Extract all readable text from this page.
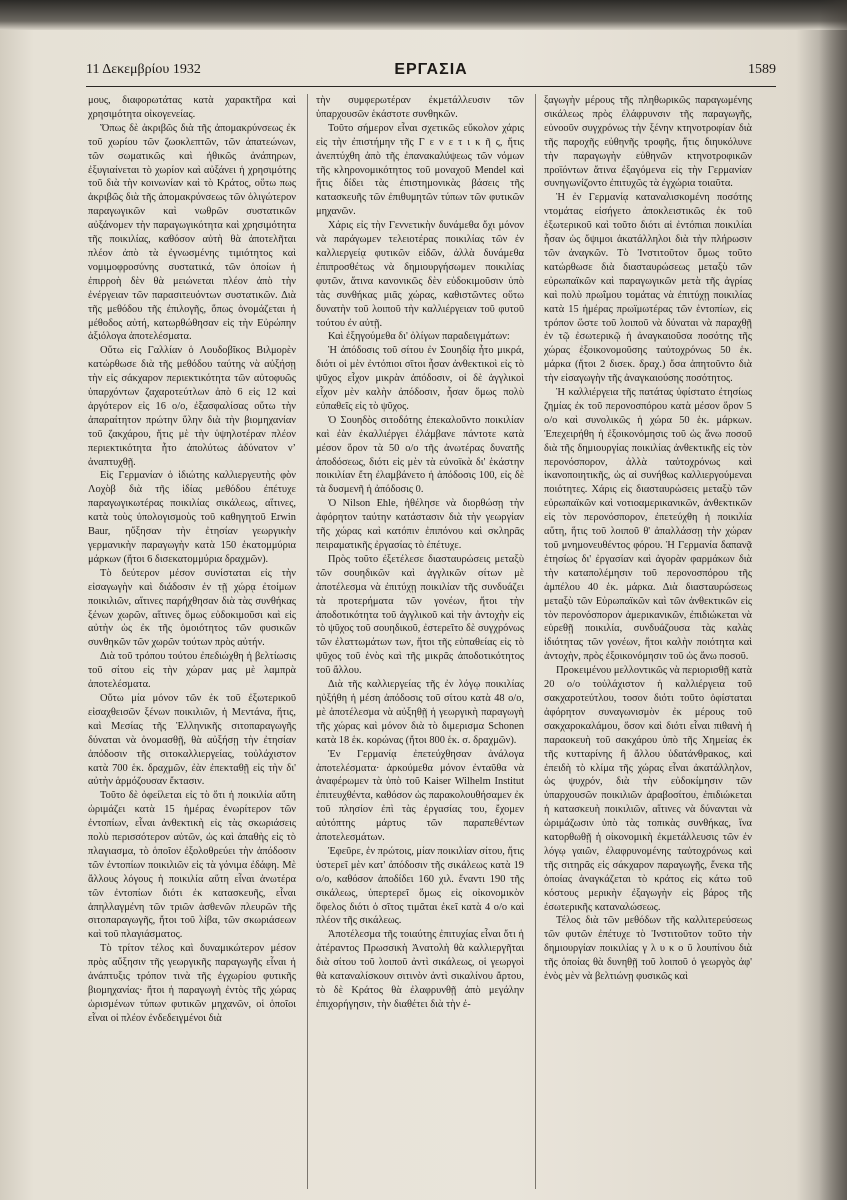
11 Δεκεμβρίου 1932	ΕΡΓΑΣΙΑ	1589

μους, διαφορωτάτας κατὰ χαρακτῆρα καὶ χρησιμότητα οἰκογενείας.

Ὅπως δὲ ἀκριβῶς διὰ τῆς ἀπομακρύνσεως ἐκ τοῦ χωρίου τῶν ζωοκλεπτῶν, τῶν ἀπατεώνων, τῶν σωματικῶς καὶ ἠθικῶς ἀνάπηρων, ἐξυγιαίνεται τὸ χωρίον καὶ αὐξάνει ἡ χρησιμότης τοῦ διὰ τὴν κοινωνίαν καὶ τὸ Κράτος, οὕτω πως ἀκριβῶς διὰ τῆς ἀπομακρύνσεως τῶν ὀλιγώτερον παραγωγικῶν καὶ νωθρῶν συστατικῶν αὐξάνομεν τὴν παραγωγικότητα καὶ χρησιμότητα τῆς ποικιλίας, καθόσον αὐτὴ θὰ ἀποτελῆται πλέον ἀπὸ τὰ ἐγνωσμένης τιμιότητος καὶ νομιμοφροσύνης συστατικά, τῶν ὁποίων ἡ ἐπιρροὴ δὲν θὰ μειώνεται πλέον ἀπὸ τὴν ἐνέργειαν τῶν παρασιτευόντων συστατικῶν. Διὰ τῆς μεθόδου τῆς ἐπιλογῆς, ὅπως ὀνομάζεται ἡ μέθοδος αὐτή, κατωρθώθησαν εἰς τὴν Εὐρώπην ἀξιόλογα ἀποτελέσματα.

Οὕτω εἰς Γαλλίαν ὁ Λουδοβῖκος Βιλμορὲν κατώρθωσε διὰ τῆς μεθόδου ταύτης νὰ αὐξήσῃ τὴν εἰς σάκχαρον περιεκτικότητα τῶν αὐτοφυῶς ὑπαρχόντων ζαχαροτεύτλων ἀπὸ 6 εἰς 12 καὶ ἀργότερον εἰς 16 ο/ο, ἐξασφαλίσας οὕτω τὴν ἀπαραίτητον πρώτην ὕλην διὰ τὴν βιομηχανίαν τοῦ ζακχάρου, ἥτις μὲ τὴν ὑψηλοτέραν πλέον περιεκτικότητα ἦτο ἀπολύτως ἀδύνατον νʼ ἀναπτυχθῇ.

Εἰς Γερμανίαν ὁ ἰδιώτης καλλιεργευτὴς φὸν Λοχὸβ διὰ τῆς ἰδίας μεθόδου ἐπέτυχε παραγωγικωτέρας ποικιλίας σικάλεως, αἵτινες, κατὰ τοὺς ὑπολογισμοὺς τοῦ καθηγητοῦ Erwin Baur, ηὔξησαν τὴν ἐτησίαν γεωργικὴν γερμανικὴν παραγωγὴν κατὰ 150 ἑκατομμύρια μάρκων (ἤτοι 6 δισεκατομμύρια δραχμῶν).

Τὸ δεύτερον μέσον συνίσταται εἰς τὴν εἰσαγωγὴν καὶ διάδοσιν ἐν τῇ χώρᾳ ἐτοίμων ποικιλιῶν, αἵτινες παρήχθησαν διὰ τὰς συνθήκας ξένων χωρῶν, αἵτινες ὅμως εὐδοκιμοῦσι καὶ εἰς αὐτὴν ὡς ἐκ τῆς ὁμοιότητος τῶν φυσικῶν συνθηκῶν τῶν χωρῶν τούτων πρὸς αὐτήν.

Διὰ τοῦ τρόπου τούτου ἐπεδιώχθη ἡ βελτίωσις τοῦ σίτου εἰς τὴν χώραν μας μὲ λαμπρὰ ἀποτελέσματα.

Οὕτω μία μόνον τῶν ἐκ τοῦ ἐξωτερικοῦ εἰσαχθεισῶν ξένων ποικιλιῶν, ἡ Μεντάνα, ἥτις, καὶ Μεσίας τῆς Ἑλληνικῆς σιτοπαραγωγῆς δύναται νὰ ὀνομασθῇ, θὰ αὐξήσῃ τὴν ἐτησίαν ἀπόδοσιν τῆς σιτοκαλλιεργείας, τοὐλάχιστον κατὰ 700 ἑκ. δραχμῶν, ἐὰν ἐπεκταθῇ εἰς τὴν δι' αὐτὴν ἁρμόζουσαν ἔκτασιν.

Τοῦτο δὲ ὀφείλεται εἰς τὸ ὅτι ἡ ποικιλία αὕτη ὡριμάζει κατὰ 15 ἡμέρας ἐνωρίτερον τῶν ἐντοπίων, εἶναι ἀνθεκτικὴ εἰς τὰς σκωριάσεις πολὺ περισσότερον αὐτῶν, ὡς καὶ ἀπαθὴς εἰς τὸ πλαγιασμα, τὸ ὁποῖον ἐξολοθρεύει τὴν ἀπόδοσιν τῶν ἐντοπίων ποικιλιῶν εἰς τὰ γόνιμα ἐδάφη. Μὲ ἄλλους λόγους ἡ ποικιλία αὕτη εἶναι ἀνωτέρα τῶν ἐντοπίων διότι ἐκ κατασκευῆς, εἶναι ἀπηλλαγμένη τῶν τριῶν ἀσθενῶν πλευρῶν τῆς σιτοπαραγωγῆς, ἤτοι τοῦ λίβα, τῶν σκωριάσεων καὶ τοῦ πλαγιάσματος.

Τὸ τρίτον τέλος καὶ δυναμικώτερον μέσον πρὸς αὔξησιν τῆς γεωργικῆς παραγωγῆς εἶναι ἡ ἀνάπτυξις τρόπον τινὰ τῆς ἐγχωρίου φυτικῆς βιομηχανίας· ἤτοι ἡ παραγωγὴ ἐντὸς τῆς χώρας ὡρισμένων τύπων φυτικῶν μηχανῶν, οἱ ὁποῖοι εἶναι οἱ πλέον ἐνδεδειγμένοι διὰ

τὴν συμφερωτέραν ἐκμετάλλευσιν τῶν ὑπαρχουσῶν ἑκάστοτε συνθηκῶν.

Τοῦτο σήμερον εἶναι σχετικῶς εὔκολον χάρις εἰς τὴν ἐπιστήμην τῆς Γ ε ν ε τ ι κ ῆ ς, ἥτις ἀνεπτύχθη ἀπὸ τῆς ἐπανακαλύψεως τῶν νόμων τῆς κληρονομικότητος τοῦ μοναχοῦ Mendel καὶ ἥτις δίδει τὰς ἐπιστημονικὰς βάσεις τῆς κατασκευῆς τῶν ἐπιθυμητῶν τύπων τῶν φυτικῶν μηχανῶν.

Χάρις εἰς τὴν Γεννετικὴν δυνάμεθα ὄχι μόνον νὰ παράγωμεν τελειοτέρας ποικιλίας τῶν ἐν καλλιεργείᾳ φυτικῶν εἰδῶν, ἀλλὰ δυνάμεθα ἐπιπροσθέτως νὰ δημιουργήσωμεν ποικιλίας φυτῶν, ἅτινα κανονικῶς δὲν εὐδοκιμοῦσιν ὑπὸ τὰς συνθήκας μιᾶς χώρας, καθιστῶντες οὕτω δυνατὴν τοῦ λοιποῦ τὴν καλλιέργειαν τοῦ φυτοῦ τούτου ἐν αὐτῇ.

Καὶ ἐξηγούμεθα δι' ὀλίγων παραδειγμάτων:

Ἡ ἀπόδοσις τοῦ σίτου ἐν Σουηδίᾳ ἦτο μικρά, διότι οἱ μὲν ἐντόπιοι σῖτοι ἦσαν ἀνθεκτικοὶ εἰς τὸ ψῦχος εἶχον μικρὰν ἀπόδοσιν, οἱ δὲ ἀγγλικοὶ εἶχον μὲν καλὴν ἀπόδοσιν, ἦσαν ὅμως πολὺ εὐπαθεῖς εἰς τὸ ψῦχος.

Ὁ Σουηδὸς σιτοδότης ἐπεκαλοῦντο ποικιλίαν καὶ ἐὰν ἐκαλλιέργει ἐλάμβανε πάντοτε κατὰ μέσον ὅρον τὰ 50 ο/ο τῆς ἀνωτέρας δυνατῆς ἀποδόσεως, διότι εἰς μὲν τὰ εὐνοϊκὰ δι' ἑκάστην ποικιλίαν ἔτη ἐλαμβάνετο ἡ ἀπόδοσις 100, εἰς δὲ τὰ δυσμενῆ ἡ ἀπόδοσις 0.

Ὁ Nilson Ehle, ἠθέλησε νὰ διορθώσῃ τὴν ἀφόρητον ταύτην κατάστασιν διὰ τὴν γεωργίαν τῆς χώρας καὶ κατόπιν ἐπιπόνου καὶ σκληρᾶς πειραματικῆς ἐργασίας τὸ ἐπέτυχε.

Πρὸς τοῦτο ἐξετέλεσε διασταυρώσεις μεταξὺ τῶν σουηδικῶν καὶ ἀγγλικῶν σίτων μὲ ἀποτέλεσμα νὰ ἐπιτύχῃ ποικιλίαν τῆς συνδυάζει τὰ προτερήματα τῶν γονέων, ἤτοι τὴν ἀποδοτικότητα τοῦ ἀγγλικοῦ καὶ τὴν ἀντοχὴν εἰς τὸ ψῦχος τοῦ σουηδικοῦ, ἐστερεῖτο δὲ συγχρόνως τῶν ἐλαττωμάτων των, ἤτοι τῆς εὐπαθείας εἰς τὸ ψῦχος τοῦ ἑνὸς καὶ τῆς μικρᾶς ἀποδοτικότητος τοῦ ἄλλου.

Διὰ τῆς καλλιεργείας τῆς ἐν λόγῳ ποικιλίας ηὐξήθη ἡ μέση ἀπόδοσις τοῦ σίτου κατὰ 48 ο/ο, μὲ ἀποτέλεσμα νὰ αὐξηθῇ ἡ γεωργικὴ παραγωγὴ τῆς χώρας καὶ μόνον διὰ τὸ διμερισμα Schonen κατὰ 18 ἑκ. κορώνας (ἤτοι 800 ἑκ. σ. δραχμῶν).

Ἐν Γερμανίᾳ ἐπετεύχθησαν ἀνάλογα ἀποτελέσματα· ἀρκούμεθα μόνον ἐνταῦθα νὰ ἀναφέρωμεν τὰ ὑπὸ τοῦ Kaiser Wilhelm Institut ἐπιτευχθέντα, καθόσον ὡς παρακολουθήσαμεν ἐκ τοῦ πλησίον ἐπὶ τὰς ἐργασίας του, ἔχομεν αὐτόπτης μάρτυς τῶν παραπεθέντων ἀποτελεσμάτων.

Ἐφεῦρε, ἐν πρώτοις, μίαν ποικιλίαν σίτου, ἥτις ὑστερεῖ μὲν κατ' ἀπόδοσιν τῆς σικάλεως κατὰ 19 ο/ο, καθόσον ἀποδίδει 160 χιλ. ἔναντι 190 τῆς σικάλεως, ὑπερτερεῖ ὅμως εἰς οἰκονομικὸν ὄφελος διότι ὁ σῖτος τιμᾶται ἐκεῖ κατὰ 4 ο/ο καὶ πλέον τῆς σικάλεως.

Ἀποτέλεσμα τῆς τοιαύτης ἐπιτυχίας εἶναι ὅτι ἡ ἀτέραντος Πρωσσικὴ Ἀνατολὴ θὰ καλλιεργῆται διὰ σίτου τοῦ λοιποῦ ἀντὶ σικάλεως, οἱ γεωργοὶ θὰ καταναλίσκουν σιτινὸν ἀντὶ σικαλίνου ἄρτου, τὸ δὲ Κράτος θὰ ἐλαφρυνθῇ ἀπὸ μεγάλην ἐπιχορήγησιν, τὴν διαθέτει διὰ τὴν ἐ-

ξαγωγὴν μέρους τῆς πληθωρικῶς παραγωμένης σικάλεως πρὸς ἐλάφρυνσιν τῆς παραγωγῆς, εὐνοοῦν συγχρόνως τὴν ξένην κτηνοτροφίαν διὰ τῆς παροχῆς εὐθηνῆς τροφῆς, ἥτις διηυκόλυνε τὴν παραγωγὴν εὐθηνῶν κτηνοτροφικῶν προϊόντων ἅτινα ἐξαγόμενα εἰς τὴν Γερμανίαν συνηγωνίζοντο ἐπιτυχῶς τὰ ἐγχώρια τοιαῦτα.

Ἡ ἐν Γερμανίᾳ καταναλισκομένη ποσότης ντομάτας εἰσήγετο ἀποκλειστικῶς ἐκ τοῦ ἐξωτερικοῦ καὶ τοῦτο διότι αἱ ἐντόπιαι ποικιλίαι ἦσαν ὡς ὄψιμοι ἀκατάλληλοι διὰ τὴν πλήρωσιν τῶν ἀναγκῶν. Τὸ Ἰνστιτοῦτον ὅμως τοῦτο κατώρθωσε διὰ διασταυρώσεως μεταξὺ τῶν εὐρωπαϊκῶν καὶ παραγωγικῶν μετὰ τῆς ἀγρίας καὶ πολὺ πρωΐμου τομάτας νὰ ἐπιτύχῃ ποικιλίας κατὰ 15 ἡμέρας πρωϊμωτέρας τῶν ἐντοπίων, εἰς τρόπον ὥστε τοῦ λοιποῦ νὰ δύναται νὰ παραχθῇ ἐν τῷ ἐσωτερικῷ ἡ ἀναγκαιοῦσα ποσότης τῆς χώρας ἐξοικονομοῦσης ταὐτοχρόνως 50 ἑκ. μάρκα (ἤτοι 2 δισεκ. δραχ.) ὅσα ἀπητοῦντο διὰ τὴν εἰσαγωγὴν τῆς ἀναγκαιούσης ποσότητος.

Ἡ καλλιέργεια τῆς πατάτας ὑφίστατο ἐτησίως ζημίας ἐκ τοῦ περονοσπόρου κατὰ μέσον ὅρον 5 ο/ο καὶ συνολικῶς ἡ χώρα 50 ἑκ. μάρκων. Ἐπεχειρήθη ἡ ἐξοικονόμησις τοῦ ὡς ἄνω ποσοῦ διὰ τῆς δημιουργίας ποικιλίας ἀνθεκτικῆς εἰς τὸν περονόσπορον, ἀλλὰ ταὐτοχρόνως καὶ ἱκανοποιητικῆς, ὡς αἱ συνήθως καλλιεργούμεναι ποιότητες. Χάρις εἰς διασταυρώσεις μεταξὺ τῶν εὐρωπαϊκῶν καὶ νοτιοαμερικανικῶν, ἀνθεκτικῶν εἰς τὸν περονόσπορον, ἐπετεύχθη ἡ ποικιλία αὕτη, ἥτις τοῦ λοιποῦ θ' ἀπαλλάσσῃ τὴν χώραν τοῦ μνημονευθέντος φόρου. Ἡ Γερμανία δαπανᾷ ἐτησίως δι' ἐργασίαν καὶ ἀγορὰν φαρμάκων διὰ τὴν καταπολέμησιν τοῦ περονοσπόρου τῆς ἀμπέλου 40 ἑκ. μάρκα. Διὰ διασταυρώσεως μεταξὺ τῶν Εὐρωπαϊκῶν καὶ τῶν ἀνθεκτικῶν εἰς τὸν περονόσπορον ἀμερικανικῶν, ἐπιδιώκεται νὰ εὑρεθῇ ποικιλία, συνδυάζουσα τὰς καλὰς ἰδιότητας τῶν γονέων, ἤτοι καλὴν ποιότητα καὶ ἀντοχὴν, πρὸς ἐξοικονόμησιν τοῦ ὡς ἄνω ποσοῦ.

Προκειμένου μελλοντικῶς νὰ περιορισθῇ κατὰ 20 ο/ο τοὐλάχιστον ἡ καλλιέργεια τοῦ σακχαροτεύτλου, τοσον διότι τοῦτο ὀφίσταται ἀφόρητον συναγωνισμὸν ἐκ μέρους τοῦ σακχαροκαλάμου, ὅσον καὶ διότι εἶναι πιθανὴ ἡ παραοκευὴ τοῦ σακχάρου ὑπὸ τῆς Χημείας ἐκ τῆς κυτταρίνης ἢ ἄλλου ὑδατάνθρακος, καὶ ἐπειδὴ τὸ κλίμα τῆς χώρας εἶναι ἀκατάλληλον, ὡς ψυχρόν, διὰ τὴν εὐδοκίμησιν τῶν ὑπαρχουσῶν ποικιλιῶν ἀραβοσίτου, ἐπιδιώκεται ἡ κατασκευὴ ποικιλιῶν, αἵτινες νὰ δύνανται νὰ ὡριμάζωσιν ὑπὸ τὰς τοπικὰς συνθήκας, ἵνα κατορθωθῇ ἡ οἰκονομικὴ ἐκμετάλλευσις τῶν ἐν λόγῳ γαιῶν, ἐλαφρυνομένης ταὐτοχρόνως καὶ τῆς σιτηρᾶς εἰς σάκχαρον παραγωγῆς, ἕνεκα τῆς ὁποίας ἀναγκάζεται τὸ κράτος εἰς κάτω τοῦ κόστους μερικὴν ἐξαγωγὴν εἰς βάρος τῆς ἐσωτερικῆς καταναλώσεως.

Τέλος διὰ τῶν μεθόδων τῆς καλλιτερεύσεως τῶν φυτῶν ἐπέτυχε τὸ Ἰνστιτοῦτον τοῦτο τὴν δημιουργίαν ποικιλίας γ λ υ κ ο ῦ λουπίνου διὰ τῆς ὁποίας θὰ δυνηθῇ τοῦ λοιποῦ ὁ γεωργὸς ἀφ' ἑνὸς μὲν νὰ βελτιώνῃ φυσικῶς καὶ
